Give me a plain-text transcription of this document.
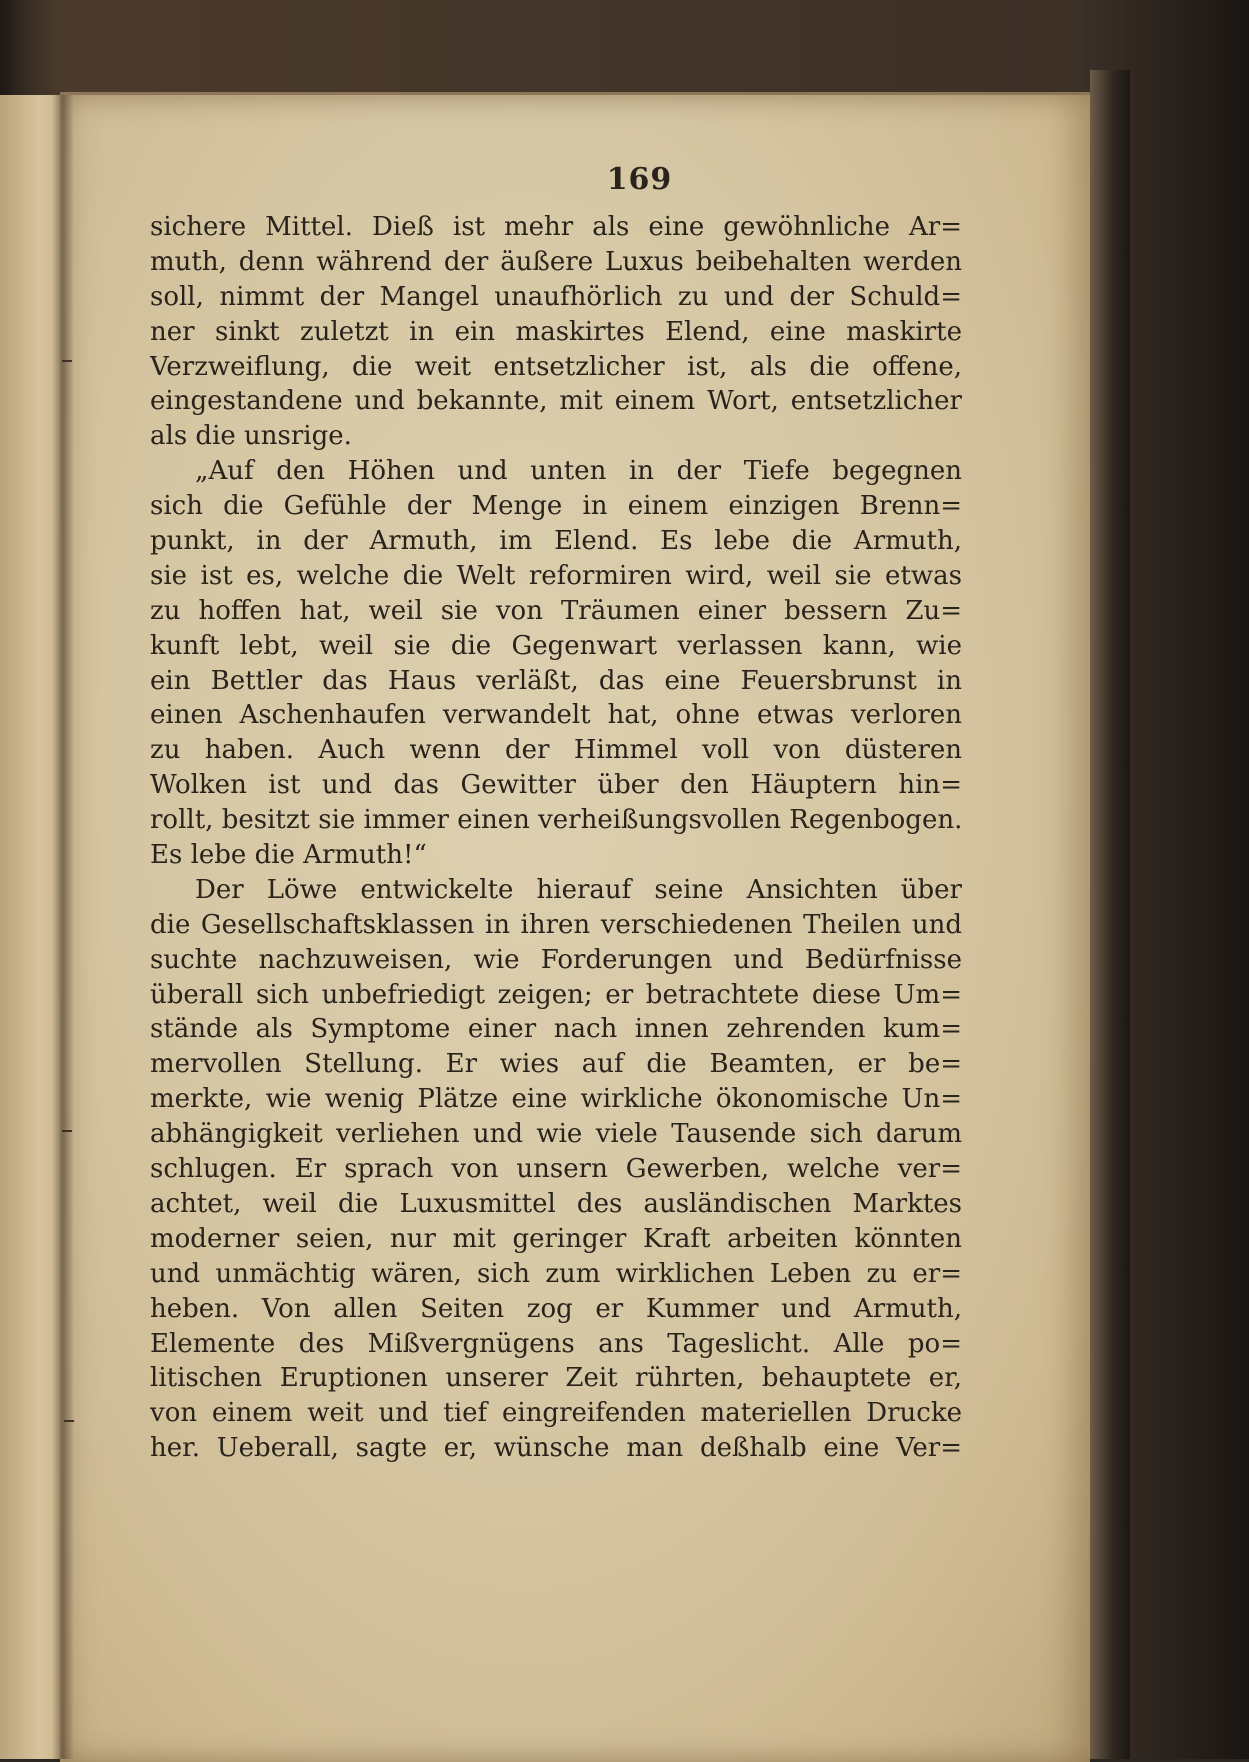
169
sichere Mittel. Dieß ist mehr als eine gewöhnliche Ar=
muth, denn während der äußere Luxus beibehalten werden
soll, nimmt der Mangel unaufhörlich zu und der Schuld=
ner sinkt zuletzt in ein maskirtes Elend, eine maskirte
Verzweiflung, die weit entsetzlicher ist, als die offene,
eingestandene und bekannte, mit einem Wort, entsetzlicher
als die unsrige.
„Auf den Höhen und unten in der Tiefe begegnen
sich die Gefühle der Menge in einem einzigen Brenn=
punkt, in der Armuth, im Elend. Es lebe die Armuth,
sie ist es, welche die Welt reformiren wird, weil sie etwas
zu hoffen hat, weil sie von Träumen einer bessern Zu=
kunft lebt, weil sie die Gegenwart verlassen kann, wie
ein Bettler das Haus verläßt, das eine Feuersbrunst in
einen Aschenhaufen verwandelt hat, ohne etwas verloren
zu haben. Auch wenn der Himmel voll von düsteren
Wolken ist und das Gewitter über den Häuptern hin=
rollt, besitzt sie immer einen verheißungsvollen Regenbogen.
Es lebe die Armuth!“
Der Löwe entwickelte hierauf seine Ansichten über
die Gesellschaftsklassen in ihren verschiedenen Theilen und
suchte nachzuweisen, wie Forderungen und Bedürfnisse
überall sich unbefriedigt zeigen; er betrachtete diese Um=
stände als Symptome einer nach innen zehrenden kum=
mervollen Stellung. Er wies auf die Beamten, er be=
merkte, wie wenig Plätze eine wirkliche ökonomische Un=
abhängigkeit verliehen und wie viele Tausende sich darum
schlugen. Er sprach von unsern Gewerben, welche ver=
achtet, weil die Luxusmittel des ausländischen Marktes
moderner seien, nur mit geringer Kraft arbeiten könnten
und unmächtig wären, sich zum wirklichen Leben zu er=
heben. Von allen Seiten zog er Kummer und Armuth,
Elemente des Mißvergnügens ans Tageslicht. Alle po=
litischen Eruptionen unserer Zeit rührten, behauptete er,
von einem weit und tief eingreifenden materiellen Drucke
her. Ueberall, sagte er, wünsche man deßhalb eine Ver=
